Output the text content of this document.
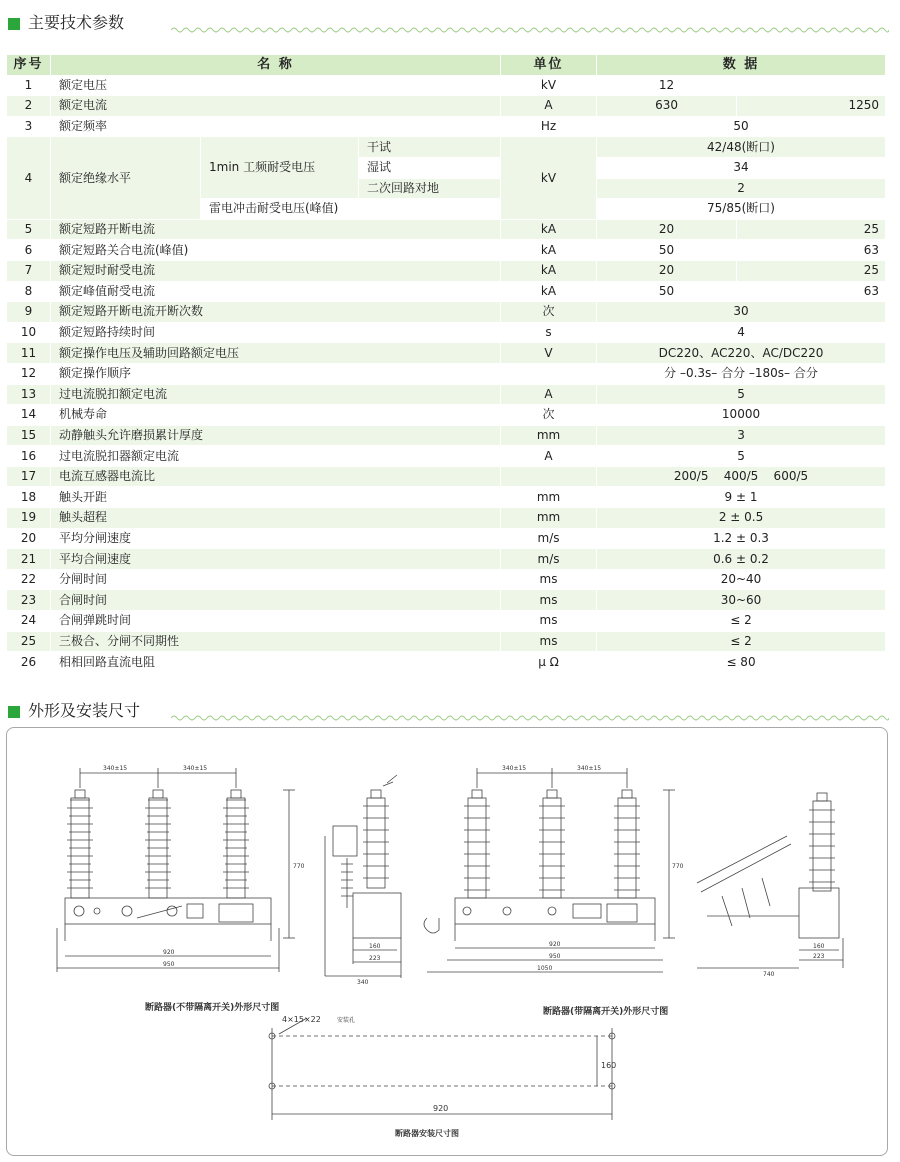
主要技术参数
序号	名 称			单位	数 据	
1	额定电压			kV	12	
2	额定电流			A	630	1250
3	额定频率			Hz	50	
4	额定绝缘水平	1min 工频耐受电压	干试	kV	42/48(断口)	
			湿试		34	
			二次回路对地		2	
		雷电冲击耐受电压(峰值)			75/85(断口)	
5	额定短路开断电流			kA	20	25
6	额定短路关合电流(峰值)			kA	50	63
7	额定短时耐受电流			kA	20	25
8	额定峰值耐受电流			kA	50	63
9	额定短路开断电流开断次数			次	30	
10	额定短路持续时间			s	4	
11	额定操作电压及辅助回路额定电压			V	DC220、AC220、AC/DC220	
12	额定操作顺序				分 –0.3s– 合分 –180s– 合分	
13	过电流脱扣额定电流			A	5	
14	机械寿命			次	10000	
15	动静触头允许磨损累计厚度			mm	3	
16	过电流脱扣器额定电流			A	5	
17	电流互感器电流比				200/5    400/5    600/5	
18	触头开距			mm	9 ± 1	
19	触头超程			mm	2 ± 0.5	
20	平均分闸速度			m/s	1.2 ± 0.3	
21	平均合闸速度			m/s	0.6 ± 0.2	
22	分闸时间			ms	20~40	
23	合闸时间			ms	30~60	
24	合闸弹跳时间			ms	≤ 2	
25	三极合、分闸不同期性			ms	≤ 2	
26	相相回路直流电阻			μ Ω	≤ 80	
外形及安装尺寸
340±15	340±15
920
950
770
160
223
340
340±15	340±15
920
950
1050
770
160
223
740
920
160
4×15×22	安装孔
断路器(不带隔离开关)外形尺寸图	断路器(带隔离开关)外形尺寸图
断路器安装尺寸图
